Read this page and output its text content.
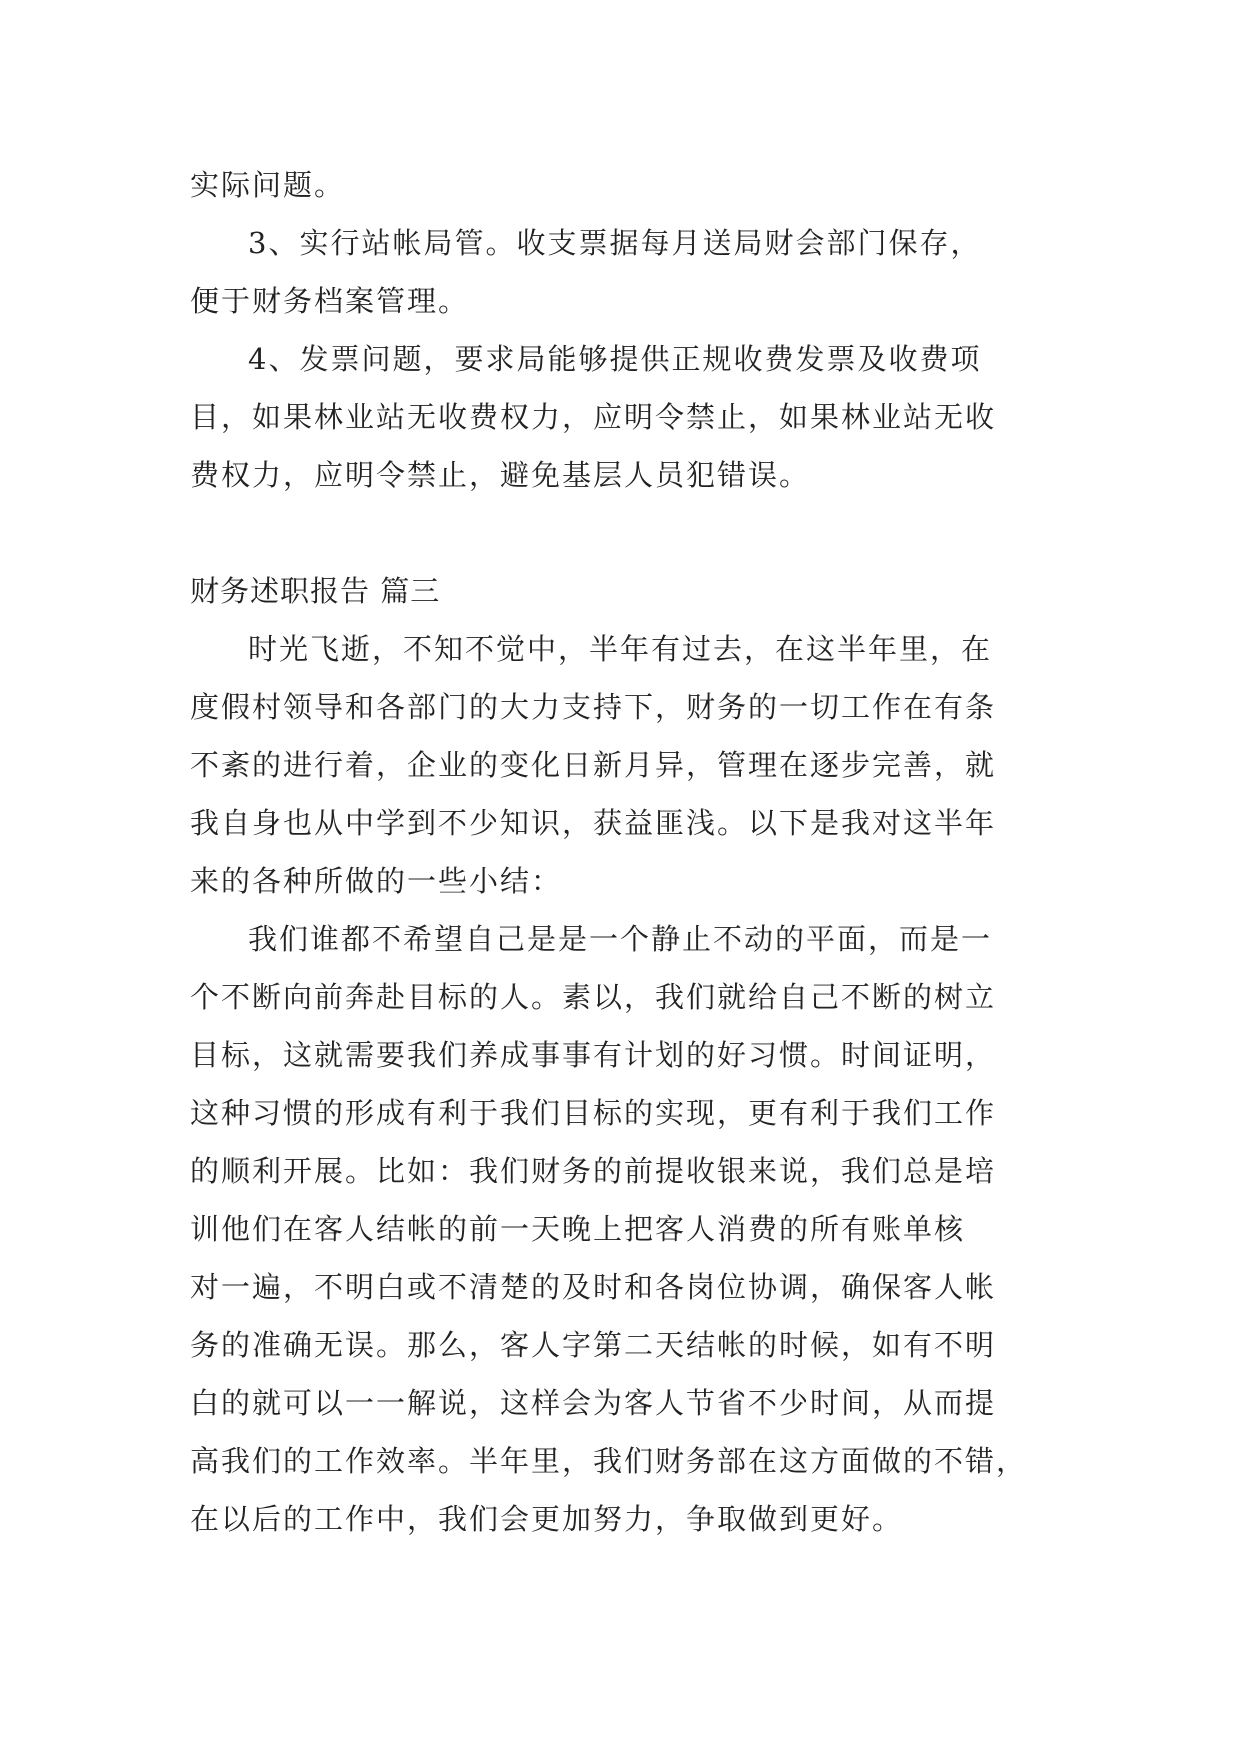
实际问题。
3、实行站帐局管。收支票据每月送局财会部门保存，
便于财务档案管理。
4、发票问题，要求局能够提供正规收费发票及收费项
目，如果林业站无收费权力，应明令禁止，如果林业站无收
费权力，应明令禁止，避免基层人员犯错误。
财务述职报告 篇三
时光飞逝，不知不觉中，半年有过去，在这半年里，在
度假村领导和各部门的大力支持下，财务的一切工作在有条
不紊的进行着，企业的变化日新月异，管理在逐步完善，就
我自身也从中学到不少知识，获益匪浅。以下是我对这半年
来的各种所做的一些小结：
我们谁都不希望自己是是一个静止不动的平面，而是一
个不断向前奔赴目标的人。素以，我们就给自己不断的树立
目标，这就需要我们养成事事有计划的好习惯。时间证明，
这种习惯的形成有利于我们目标的实现，更有利于我们工作
的顺利开展。比如：我们财务的前提收银来说，我们总是培
训他们在客人结帐的前一天晚上把客人消费的所有账单核
对一遍，不明白或不清楚的及时和各岗位协调，确保客人帐
务的准确无误。那么，客人字第二天结帐的时候，如有不明
白的就可以一一解说，这样会为客人节省不少时间，从而提
高我们的工作效率。半年里，我们财务部在这方面做的不错，
在以后的工作中，我们会更加努力，争取做到更好。
